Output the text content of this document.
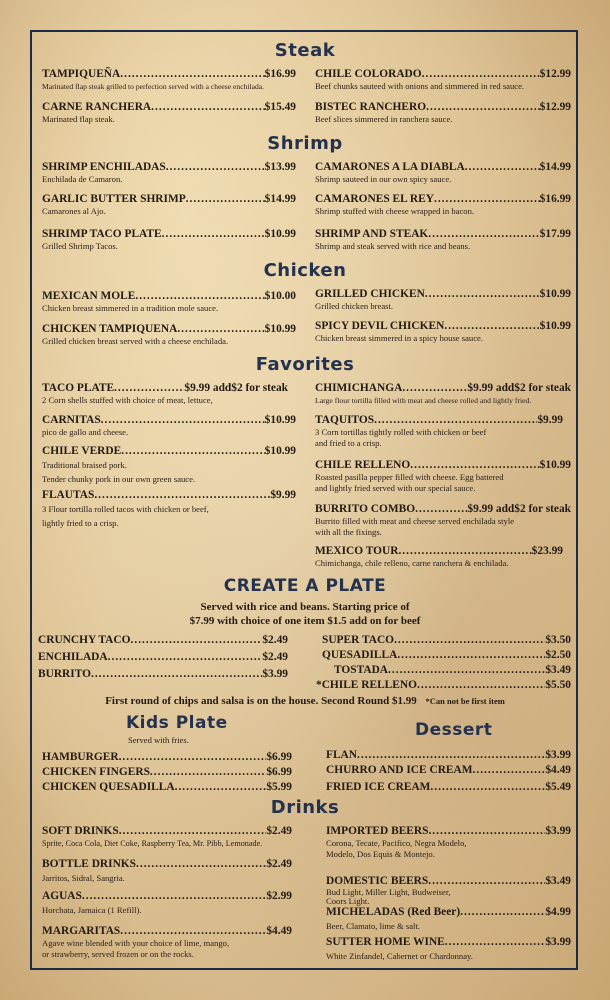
Steak
TAMPIQUEÑA .....	$16.99
Marinated flap steak grilled to perfection served with a cheese enchilada.
CARNE RANCHERA .....	$15.49
Marinated flap steak.
CHILE COLORADO .....	$12.99
Beef chunks sauteed with onions and simmered in red sauce.
BISTEC RANCHERO .....	$12.99
Beef slices simmered in ranchera sauce.
Shrimp
SHRIMP ENCHILADAS .....	$13.99
Enchilada de Camaron.
GARLIC BUTTER SHRIMP .....	$14.99
Camarones al Ajo.
SHRIMP TACO PLATE .....	$10.99
Grilled Shrimp Tacos.
CAMARONES A LA DIABLA .....	$14.99
Shrimp sauteed in our own spicy sauce.
CAMARONES EL REY .....	$16.99
Shrimp stuffed with cheese wrapped in bacon.
SHRIMP AND STEAK .....	$17.99
Shrimp and steak served with rice and beans.
Chicken
MEXICAN MOLE .....	$10.00
Chicken breast simmered in a tradition mole sauce.
CHICKEN TAMPIQUENA .....	$10.99
Grilled chicken breast served with a cheese enchilada.
GRILLED CHICKEN .....	$10.99
Grilled chicken breast.
SPICY DEVIL CHICKEN .....	$10.99
Chicken breast simmered in a spicy house sauce.
Favorites
TACO PLATE .....	$9.99 add$2 for steak
2 Corn shells stuffed with choice of meat, lettuce,
CARNITAS .....	$10.99
pico de gallo and cheese.
CHILE VERDE .....	$10.99
Traditional braised pork.
Tender chunky pork in our own green sauce.
FLAUTAS .....	$9.99
3 Flour tortilla rolled tacos with chicken or beef,
lightly fried to a crisp.
CHIMICHANGA .....	$9.99 add$2 for steak
Large flour tortilla filled with meat and cheese rolled and lightly fried.
TAQUITOS .....	$9.99
3 Corn tortillas tightly rolled with chicken or beef
and fried to a crisp.
CHILE RELLENO .....	$10.99
Roasted pasilla pepper filled with cheese. Egg battered
and lightly fried served with our special sauce.
BURRITO COMBO .....	$9.99 add$2 for steak
Burrito filled with meat and cheese served enchilada style
with all the fixings.
MEXICO TOUR .....	$23.99
Chimichanga, chile relleno, carne ranchera & enchilada.
CREATE A PLATE
Served with rice and beans. Starting price of
$7.99 with choice of one item $1.5 add on for beef
CRUNCHY TACO .....	$2.49
ENCHILADA .....	$2.49
BURRITO .....	$3.99
SUPER TACO .....	$3.50
QUESADILLA .....	$2.50
TOSTADA .....	$3.49
*CHILE RELLENO .....	$5.50
First round of chips and salsa is on the house. Second Round $1.99 *Can not be first item
Kids Plate
Served with fries.
HAMBURGER .....	$6.99
CHICKEN FINGERS .....	$6.99
CHICKEN QUESADILLA .....	$5.99
Dessert
FLAN .....	$3.99
CHURRO AND ICE CREAM .....	$4.49
FRIED ICE CREAM .....	$5.49
Drinks
SOFT DRINKS .....	$2.49
Sprite, Coca Cola, Diet Coke, Raspberry Tea, Mr. Pibb, Lemonade.
BOTTLE DRINKS .....	$2.49
Jarritos, Sidral, Sangria.
AGUAS .....	$2.99
Horchata, Jamaica (1 Refill).
MARGARITAS .....	$4.49
Agave wine blended with your choice of lime, mango,
or strawberry, served frozen or on the rocks.
IMPORTED BEERS .....	$3.99
Corona, Tecate, Pacifico, Negra Modelo,
Modelo, Dos Equis & Montejo.
DOMESTIC BEERS .....	$3.49
Bud Light, Miller Light, Budweiser,
Coors Light.
MICHELADAS (Red Beer) .....	$4.99
Beer, Clamato, lime & salt.
SUTTER HOME WINE .....	$3.99
White Zinfandel, Cabernet or Chardonnay.
